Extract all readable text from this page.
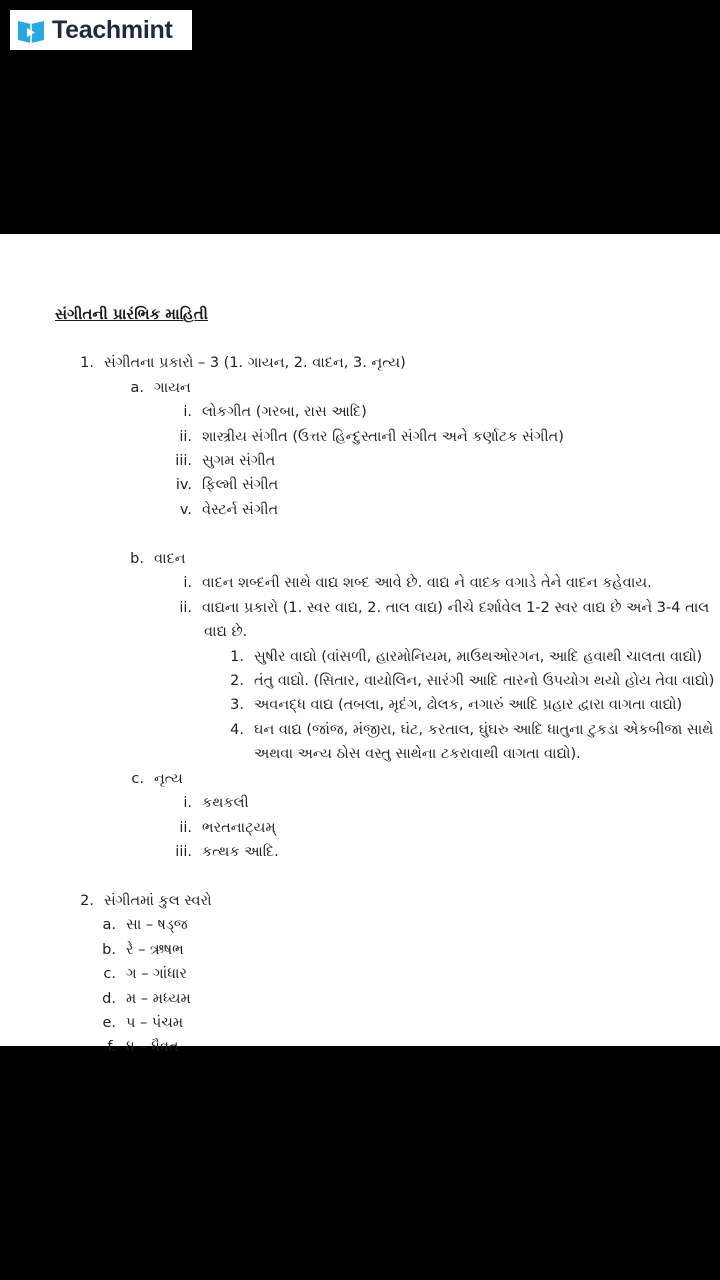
Teachmint
સંગીતની પ્રારંભિક માહિતી
1. સંગીતના પ્રકારો – 3 (1. ગાયન, 2. વાદન, 3. નૃત્ય)
a. ગાયન
i. લોકગીત (ગરબા, રાસ આદિ)
ii. શાસ્ત્રીય સંગીત (ઉત્તર હિન્દુસ્તાની સંગીત અને કર્ણાટક સંગીત)
iii. સુગમ સંગીત
iv. ફિલ્મી સંગીત
v. વેસ્ટર્ન સંગીત
b. વાદન
i. વાદન શબ્દની સાથે વાદ્ય શબ્દ આવે છે. વાદ્ય ને વાદક વગાડે તેને વાદન કહેવાય.
ii. વાદ્યના પ્રકારો (1. સ્વર વાદ્ય, 2. તાલ વાદ્ય) નીચે દર્શાવેલ 1-2 સ્વર વાદ્ય છે અને 3-4 તાલ
વાદ્ય છે.
1. સુષીર વાદ્યો (વાંસળી, હારમોનિયમ, માઉથઓરગન, આદિ હવાથી ચાલતા વાદ્યો)
2. તંતુ વાદ્યો. (સિતાર, વાયોલિન, સારંગી આદિ તારનો ઉપયોગ થયો હોય તેવા વાદ્યો)
3. અવનદ્ધ વાદ્ય (તબલા, મૃદંગ, ઢોલક, નગારું આદિ પ્રહાર દ્વારા વાગતા વાદ્યો)
4. ઘન વાદ્ય (જાંજ, મંજીરા, ઘંટ, કરતાલ, ઘુંઘરુ આદિ ધાતુના ટુકડા એકબીજા સાથે
અથવા અન્ય ઠોસ વસ્તુ સાથેના ટકરાવાથી વાગતા વાદ્યો).
c. નૃત્ય
i. કથકલી
ii. ભરતનાટ્યમ્
iii. કત્થક આદિ.
2. સંગીતમાં કુલ સ્વરો
a. સા – ષડ્જ
b. રે – ઋષભ
c. ગ – ગાંધાર
d. મ – મધ્યમ
e. પ – પંચમ
f. ધ – ધૈવત
